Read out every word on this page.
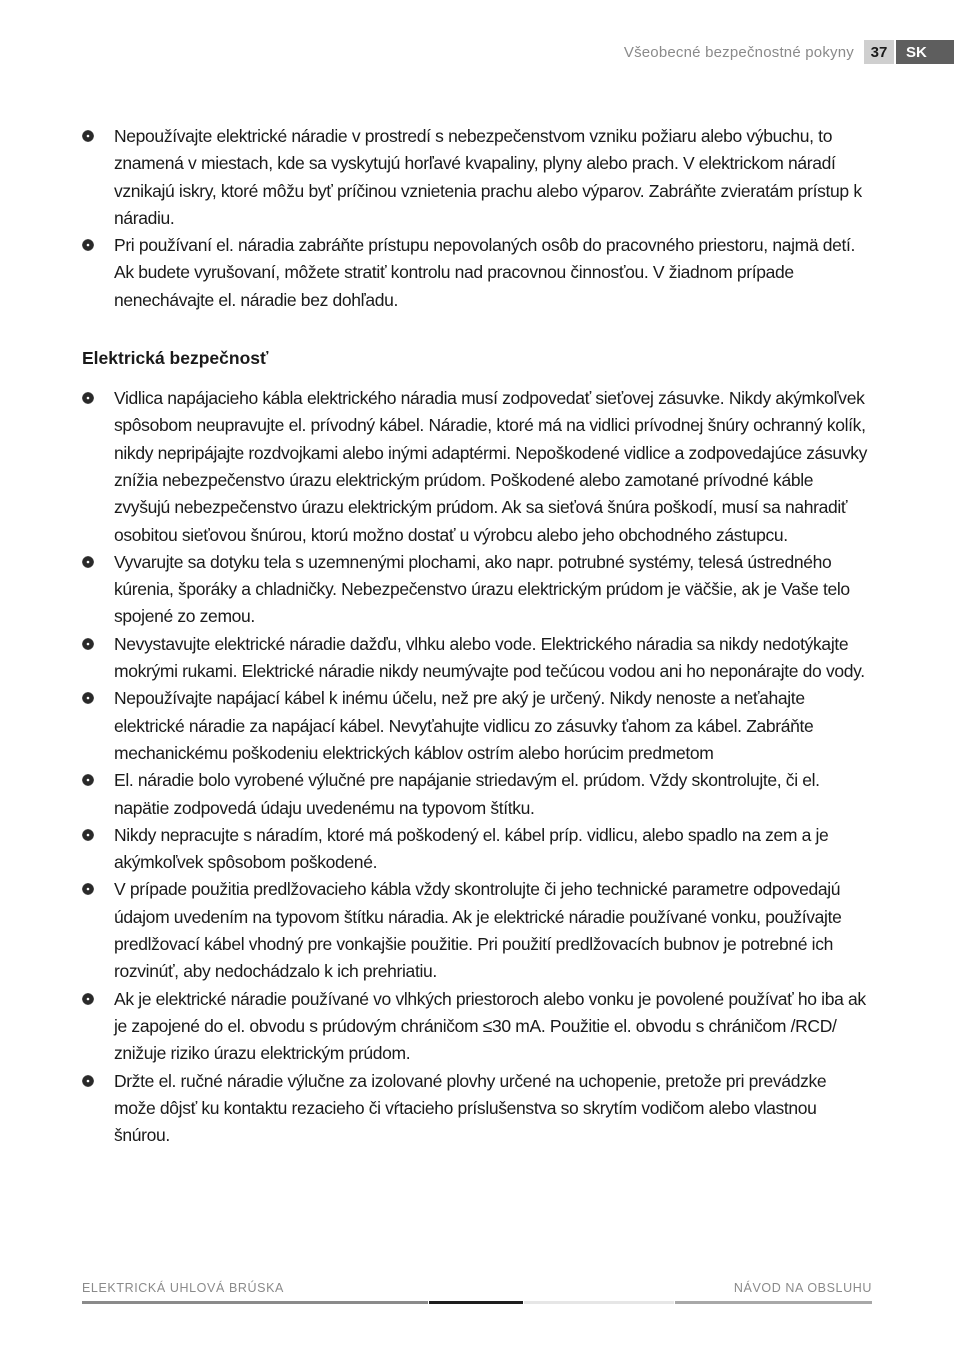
Všeobecné bezpečnostné pokyny	37	SK
Nepoužívajte elektrické náradie v prostredí s nebezpečenstvom vzniku požiaru alebo výbuchu, to znamená v miestach, kde sa vyskytujú horľavé kvapaliny, plyny alebo prach. V elektrickom náradí vznikajú iskry, ktoré môžu byť príčinou vznietenia prachu alebo výparov. Zabráňte zvieratám prístup k náradiu.
Pri používaní el. náradia zabráňte prístupu nepovolaných osôb do pracovného priestoru, najmä detí. Ak budete vyrušovaní, môžete stratiť kontrolu nad pracovnou činnosťou. V žiadnom prípade nenechávajte el. náradie bez dohľadu.
Elektrická bezpečnosť
Vidlica napájacieho kábla elektrického náradia musí zodpovedať sieťovej zásuvke. Nikdy akýmkoľvek spôsobom neupravujte el. prívodný kábel. Náradie, ktoré má na vidlici prívodnej šnúry ochranný kolík, nikdy nepripájajte rozdvojkami alebo inými adaptérmi. Nepoškodené vidlice a zodpovedajúce zásuvky znížia nebezpečenstvo úrazu elektrickým prúdom. Poškodené alebo zamotané prívodné káble zvyšujú nebezpečenstvo úrazu elektrickým prúdom. Ak sa sieťová šnúra poškodí, musí sa nahradiť osobitou sieťovou šnúrou, ktorú možno dostať u výrobcu alebo jeho obchodného zástupcu.
Vyvarujte sa dotyku tela s uzemnenými plochami, ako napr. potrubné systémy, telesá ústredného kúrenia, šporáky a chladničky. Nebezpečenstvo úrazu elektrickým prúdom je väčšie, ak je Vaše telo spojené zo zemou.
Nevystavujte elektrické náradie dažďu, vlhku alebo vode. Elektrického náradia sa nikdy nedotýkajte mokrými rukami. Elektrické náradie nikdy neumývajte pod tečúcou vodou ani ho neponárajte do vody.
Nepoužívajte napájací kábel k inému účelu, než pre aký je určený. Nikdy nenoste a neťahajte elektrické náradie za napájací kábel. Nevyťahujte vidlicu zo zásuvky ťahom za kábel. Zabráňte mechanickému poškodeniu elektrických káblov ostrím alebo horúcim predmetom
El. náradie bolo vyrobené výlučné pre napájanie striedavým el. prúdom. Vždy skontrolujte, či el. napätie zodpovedá údaju uvedenému na typovom štítku.
Nikdy nepracujte s náradím, ktoré má poškodený el. kábel príp. vidlicu, alebo spadlo na zem a je akýmkoľvek spôsobom poškodené.
V prípade použitia predlžovacieho kábla vždy skontrolujte či jeho technické parametre odpovedajú údajom uvedením na typovom štítku náradia. Ak je elektrické náradie používané vonku, používajte predlžovací kábel vhodný pre vonkajšie použitie. Pri použití predlžovacích bubnov je potrebné ich rozvinúť, aby nedochádzalo k ich prehriatiu.
Ak je elektrické náradie používané vo vlhkých priestoroch alebo vonku je povolené používať ho iba ak je zapojené do el. obvodu s prúdovým chráničom ≤30 mA. Použitie el. obvodu s chráničom /RCD/ znižuje riziko úrazu elektrickým prúdom.
Držte el. ručné náradie výlučne za izolované plovhy určené na uchopenie, pretože pri prevádzke može dôjsť ku kontaktu rezacieho či vŕtacieho príslušenstva so skrytím vodičom alebo vlastnou šnúrou.
ELEKTRICKÁ UHLOVÁ BRÚSKA	NÁVOD NA OBSLUHU
